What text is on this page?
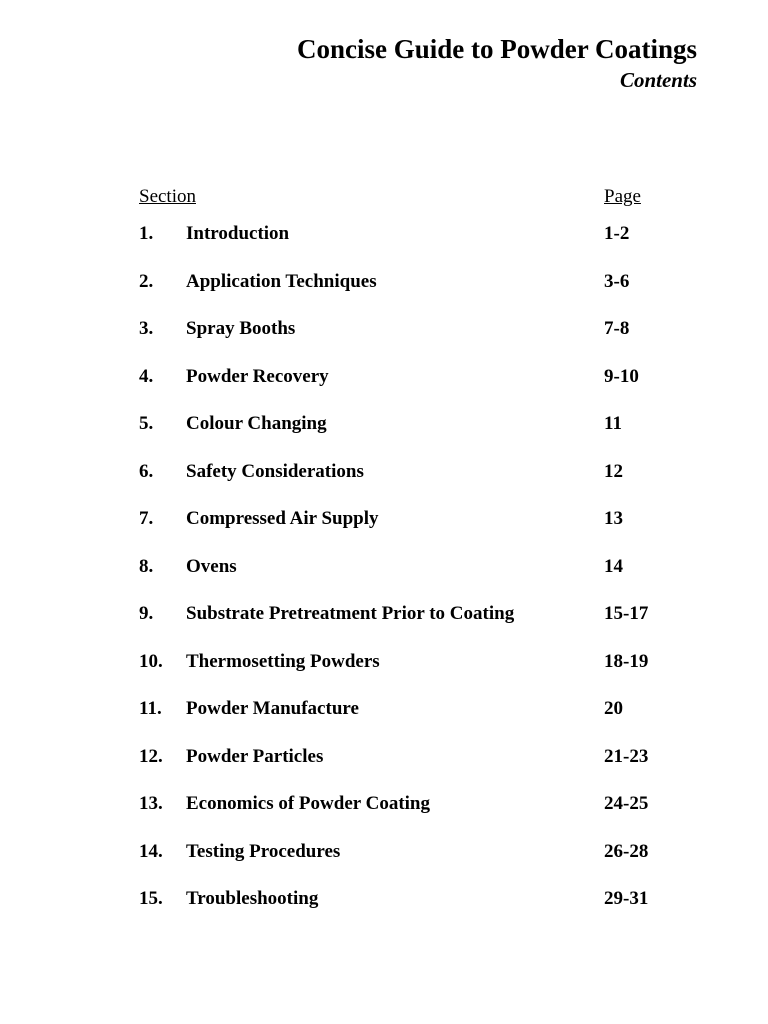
Concise Guide to Powder Coatings
Contents
Section	Page
1. Introduction	1-2
2. Application Techniques	3-6
3. Spray Booths	7-8
4. Powder Recovery	9-10
5. Colour Changing	11
6. Safety Considerations	12
7. Compressed Air Supply	13
8. Ovens	14
9. Substrate Pretreatment Prior to Coating	15-17
10. Thermosetting Powders	18-19
11. Powder Manufacture	20
12. Powder Particles	21-23
13. Economics of Powder Coating	24-25
14. Testing Procedures	26-28
15. Troubleshooting	29-31
